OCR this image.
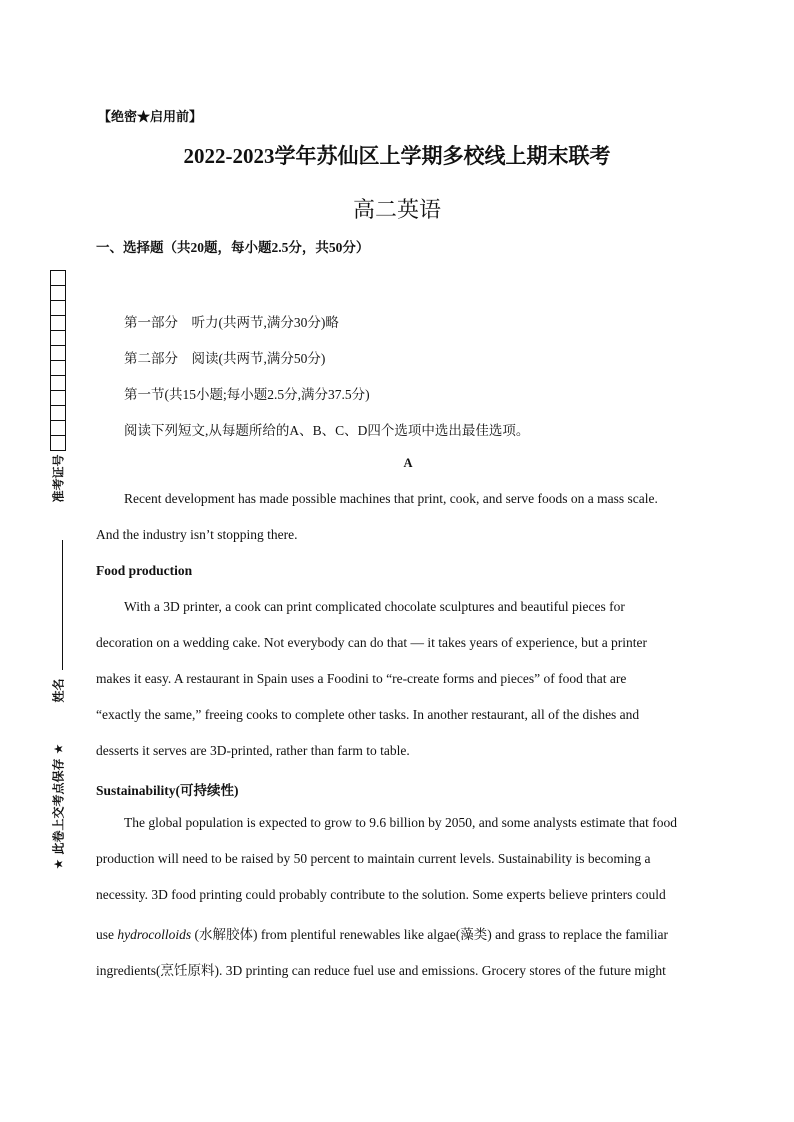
准考证号
姓名
★ 此卷上交考点保存 ★
【绝密★启用前】
2022-2023学年苏仙区上学期多校线上期末联考
高二英语
一、选择题（共20题，每小题2.5分，共50分）
第一部分　听力(共两节,满分30分)略
第二部分　阅读(共两节,满分50分)
第一节(共15小题;每小题2.5分,满分37.5分)
阅读下列短文,从每题所给的A、B、C、D四个选项中选出最佳选项。
A
Recent development has made possible machines that print, cook, and serve foods on a mass scale.
And the industry isn’t stopping there.
Food production
With a 3D printer, a cook can print complicated chocolate sculptures and beautiful pieces for
decoration on a wedding cake. Not everybody can do that — it takes years of experience, but a printer
makes it easy. A restaurant in Spain uses a Foodini to “re-create forms and pieces” of food that are
“exactly the same,” freeing cooks to complete other tasks. In another restaurant, all of the dishes and
desserts it serves are 3D-printed, rather than farm to table.
Sustainability(可持续性)
The global population is expected to grow to 9.6 billion by 2050, and some analysts estimate that food
production will need to be raised by 50 percent to maintain current levels. Sustainability is becoming a
necessity. 3D food printing could probably contribute to the solution. Some experts believe printers could
use hydrocolloids (水解胶体) from plentiful renewables like algae(藻类) and grass to replace the familiar
ingredients(烹饪原料). 3D printing can reduce fuel use and emissions. Grocery stores of the future might
